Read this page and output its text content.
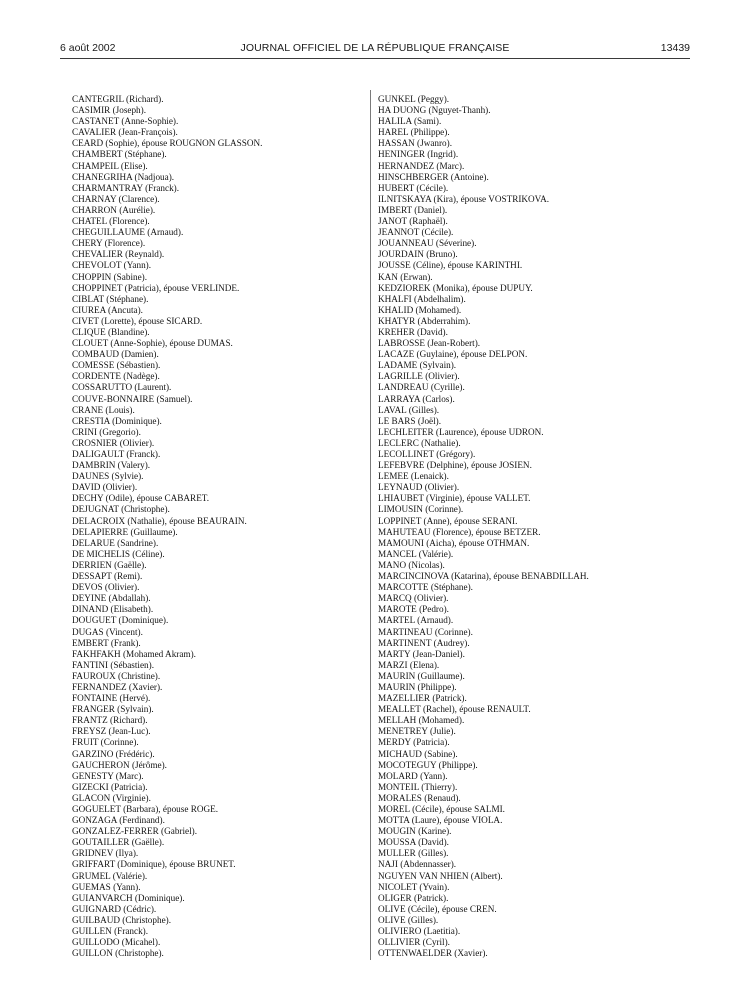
6 août 2002	JOURNAL OFFICIEL DE LA RÉPUBLIQUE FRANÇAISE	13439
CANTEGRIL (Richard).
CASIMIR (Joseph).
CASTANET (Anne-Sophie).
CAVALIER (Jean-François).
CEARD (Sophie), épouse ROUGNON GLASSON.
CHAMBERT (Stéphane).
CHAMPEIL (Elise).
CHANEGRIHA (Nadjoua).
CHARMANTRAY (Franck).
CHARNAY (Clarence).
CHARRON (Aurélie).
CHATEL (Florence).
CHEGUILLAUME (Arnaud).
CHERY (Florence).
CHEVALIER (Reynald).
CHEVOLOT (Yann).
CHOPPIN (Sabine).
CHOPPINET (Patricia), épouse VERLINDE.
CIBLAT (Stéphane).
CIUREA (Ancuta).
CIVET (Lorette), épouse SICARD.
CLIQUE (Blandine).
CLOUET (Anne-Sophie), épouse DUMAS.
COMBAUD (Damien).
COMESSE (Sébastien).
CORDENTE (Nadège).
COSSARUTTO (Laurent).
COUVE-BONNAIRE (Samuel).
CRANE (Louis).
CRESTIA (Dominique).
CRINI (Gregorio).
CROSNIER (Olivier).
DALIGAULT (Franck).
DAMBRIN (Valery).
DAUNES (Sylvie).
DAVID (Olivier).
DECHY (Odile), épouse CABARET.
DEJUGNAT (Christophe).
DELACROIX (Nathalie), épouse BEAURAIN.
DELAPIERRE (Guillaume).
DELARUE (Sandrine).
DE MICHELIS (Céline).
DERRIEN (Gaëlle).
DESSAPT (Remi).
DEVOS (Olivier).
DEYINE (Abdallah).
DINAND (Elisabeth).
DOUGUET (Dominique).
DUGAS (Vincent).
EMBERT (Frank).
FAKHFAKH (Mohamed Akram).
FANTINI (Sébastien).
FAUROUX (Christine).
FERNANDEZ (Xavier).
FONTAINE (Hervé).
FRANGER (Sylvain).
FRANTZ (Richard).
FREYSZ (Jean-Luc).
FRUIT (Corinne).
GARZINO (Frédéric).
GAUCHERON (Jérôme).
GENESTY (Marc).
GIZECKI (Patricia).
GLACON (Virginie).
GOGUELET (Barbara), épouse ROGE.
GONZAGA (Ferdinand).
GONZALEZ-FERRER (Gabriel).
GOUTAILLER (Gaëlle).
GRIDNEV (Ilya).
GRIFFART (Dominique), épouse BRUNET.
GRUMEL (Valérie).
GUEMAS (Yann).
GUIANVARCH (Dominique).
GUIGNARD (Cédric).
GUILBAUD (Christophe).
GUILLEN (Franck).
GUILLODO (Micahel).
GUILLON (Christophe).
GUNKEL (Peggy).
HA DUONG (Nguyet-Thanh).
HALILA (Sami).
HAREL (Philippe).
HASSAN (Jwanro).
HENINGER (Ingrid).
HERNANDEZ (Marc).
HINSCHBERGER (Antoine).
HUBERT (Cécile).
ILNITSKAYA (Kira), épouse VOSTRIKOVA.
IMBERT (Daniel).
JANOT (Raphaël).
JEANNOT (Cécile).
JOUANNEAU (Séverine).
JOURDAIN (Bruno).
JOUSSE (Céline), épouse KARINTHI.
KAN (Erwan).
KEDZIOREK (Monika), épouse DUPUY.
KHALFI (Abdelhalim).
KHALID (Mohamed).
KHATYR (Abderrahim).
KREHER (David).
LABROSSE (Jean-Robert).
LACAZE (Guylaine), épouse DELPON.
LADAME (Sylvain).
LAGRILLE (Olivier).
LANDREAU (Cyrille).
LARRAYA (Carlos).
LAVAL (Gilles).
LE BARS (Joël).
LECHLEITER (Laurence), épouse UDRON.
LECLERC (Nathalie).
LECOLLINET (Grégory).
LEFEBVRE (Delphine), épouse JOSIEN.
LEMEE (Lenaick).
LEYNAUD (Olivier).
LHIAUBET (Virginie), épouse VALLET.
LIMOUSIN (Corinne).
LOPPINET (Anne), épouse SERANI.
MAHUTEAU (Florence), épouse BETZER.
MAMOUNI (Aicha), épouse OTHMAN.
MANCEL (Valérie).
MANO (Nicolas).
MARCINCINOVA (Katarina), épouse BENABDILLAH.
MARCOTTE (Stéphane).
MARCQ (Olivier).
MAROTE (Pedro).
MARTEL (Arnaud).
MARTINEAU (Corinne).
MARTINENT (Audrey).
MARTY (Jean-Daniel).
MARZI (Elena).
MAURIN (Guillaume).
MAURIN (Philippe).
MAZELLIER (Patrick).
MEALLET (Rachel), épouse RENAULT.
MELLAH (Mohamed).
MENETREY (Julie).
MERDY (Patricia).
MICHAUD (Sabine).
MOCOTEGUY (Philippe).
MOLARD (Yann).
MONTEIL (Thierry).
MORALES (Renaud).
MOREL (Cécile), épouse SALMI.
MOTTA (Laure), épouse VIOLA.
MOUGIN (Karine).
MOUSSA (David).
MULLER (Gilles).
NAJI (Abdennasser).
NGUYEN VAN NHIEN (Albert).
NICOLET (Yvain).
OLIGER (Patrick).
OLIVE (Cécile), épouse CREN.
OLIVE (Gilles).
OLIVIERO (Laetitia).
OLLIVIER (Cyril).
OTTENWAELDER (Xavier).
